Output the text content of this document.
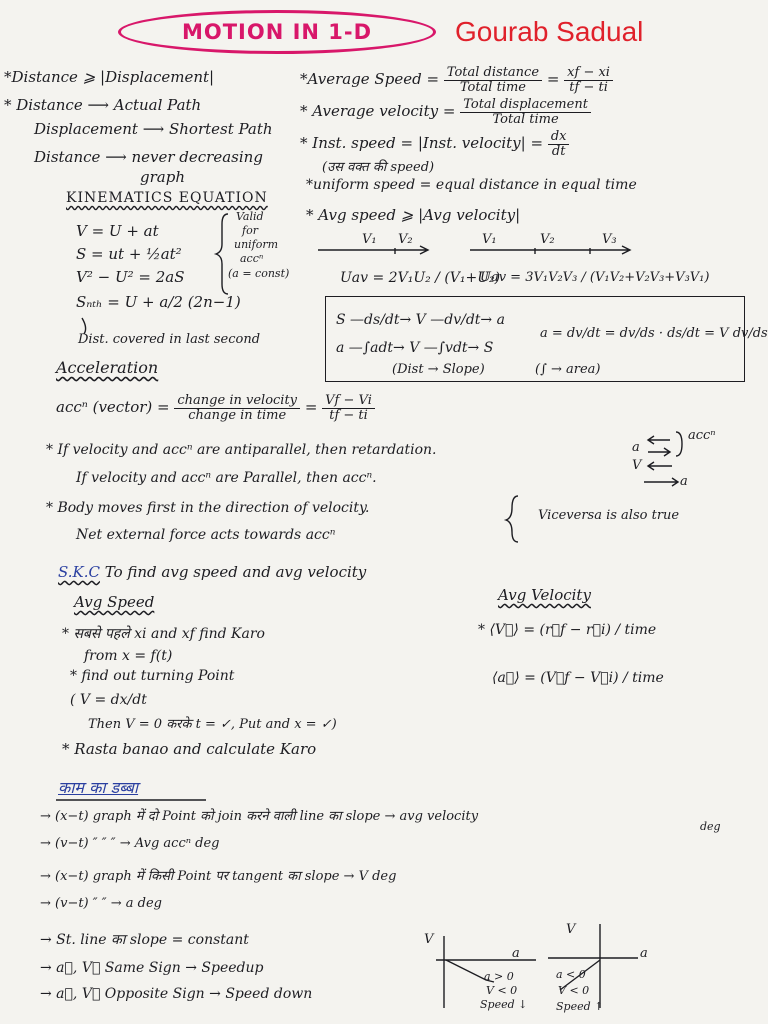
MOTION IN 1-D	Gourab Sadual
*Distance ⩾ |Displacement|
* Distance ⟶ Actual Path
Displacement ⟶ Shortest Path
Distance ⟶ never decreasing
graph
KINEMATICS EQUATION
V = U + at
S = ut + ½at²
V² − U² = 2aS
Sₙₜₕ = U + a/2 (2n−1)
Valid
for
uniform
accⁿ
(a = const)
Dist. covered in last second
*Average Speed = $\frac{\text{Total distance}}{\text{Total time}} = \frac{xf - xi}{tf - ti}$
* Average velocity = $\frac{\text{Total displacement}}{\text{Total time}}$
* Inst. speed = |Inst. velocity| = $\frac{dx}{dt}$
(उस वक्त की speed)
*uniform speed = equal distance in equal time
* Avg speed ⩾ |Avg velocity|
V₁ V₂	V₁	V₂	V₃
Uav = 2V₁U₂ / (V₁+U₂)
Uav = 3V₁V₂V₃ / (V₁V₂+V₂V₃+V₃V₁)
S —ds/dt→ V —dv/dt→ a
a —∫adt→ V —∫vdt→ S
(Dist → Slope)	(∫ → area)
a = dv/dt = dv/ds · ds/dt = V dv/ds
Acceleration
accⁿ (vector) = $\frac{\text{change in velocity}}{\text{change in time}} = \frac{Vf - Vi}{tf - ti}$
* If velocity and accⁿ are antiparallel, then retardation.
If velocity and accⁿ are Parallel, then accⁿ.
* Body moves first in the direction of velocity.	Viceversa is also true
Net external force acts towards accⁿ
a
accⁿ
V
a
S.K.C To find avg speed and avg velocity
Avg Speed
* सबसे पहले xi and xf find Karo
from x = f(t)
* find out turning Point
( V = dx/dt
Then V = 0 करके t = ✓, Put and x = ✓)
* Rasta banao and calculate Karo
Avg Velocity
* ⟨V⃗⟩ = (r⃗f − r⃗i) / time
⟨a⃗⟩ = (V⃗f − V⃗i) / time
काम का डब्बा
→ (x−t) graph में दो Point को join करने वाली line का slope → avg velocity
deg
→ (v−t) ″ ″ ″ → Avg accⁿ deg
→ (x−t) graph में किसी Point पर tangent का slope → V deg
→ (v−t) ″ ″ → a deg
→ St. line का slope = constant
→ a⃗, V⃗ Same Sign → Speedup
→ a⃗, V⃗ Opposite Sign → Speed down
V
a
a > 0
V < 0
Speed ↓
V
a
a < 0
V < 0
Speed ↑
